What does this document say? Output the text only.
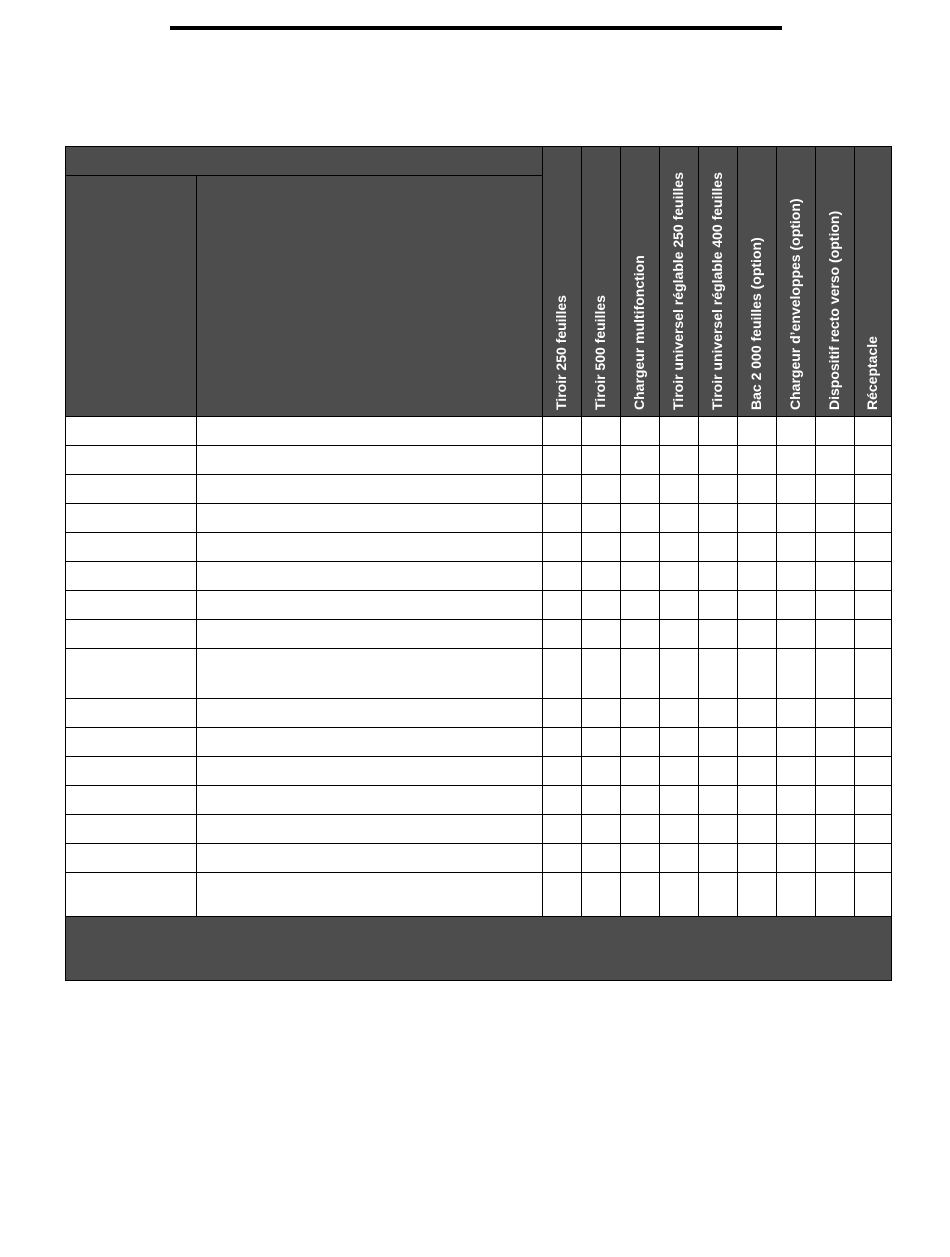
		Tiroir 250 feuilles	Tiroir 500 feuilles	Chargeur multifonction	Tiroir universel réglable 250 feuilles	Tiroir universel réglable 400 feuilles	Bac 2 000 feuilles (option)	Chargeur d’enveloppes (option)	Dispositif recto verso (option)	Réceptacle
